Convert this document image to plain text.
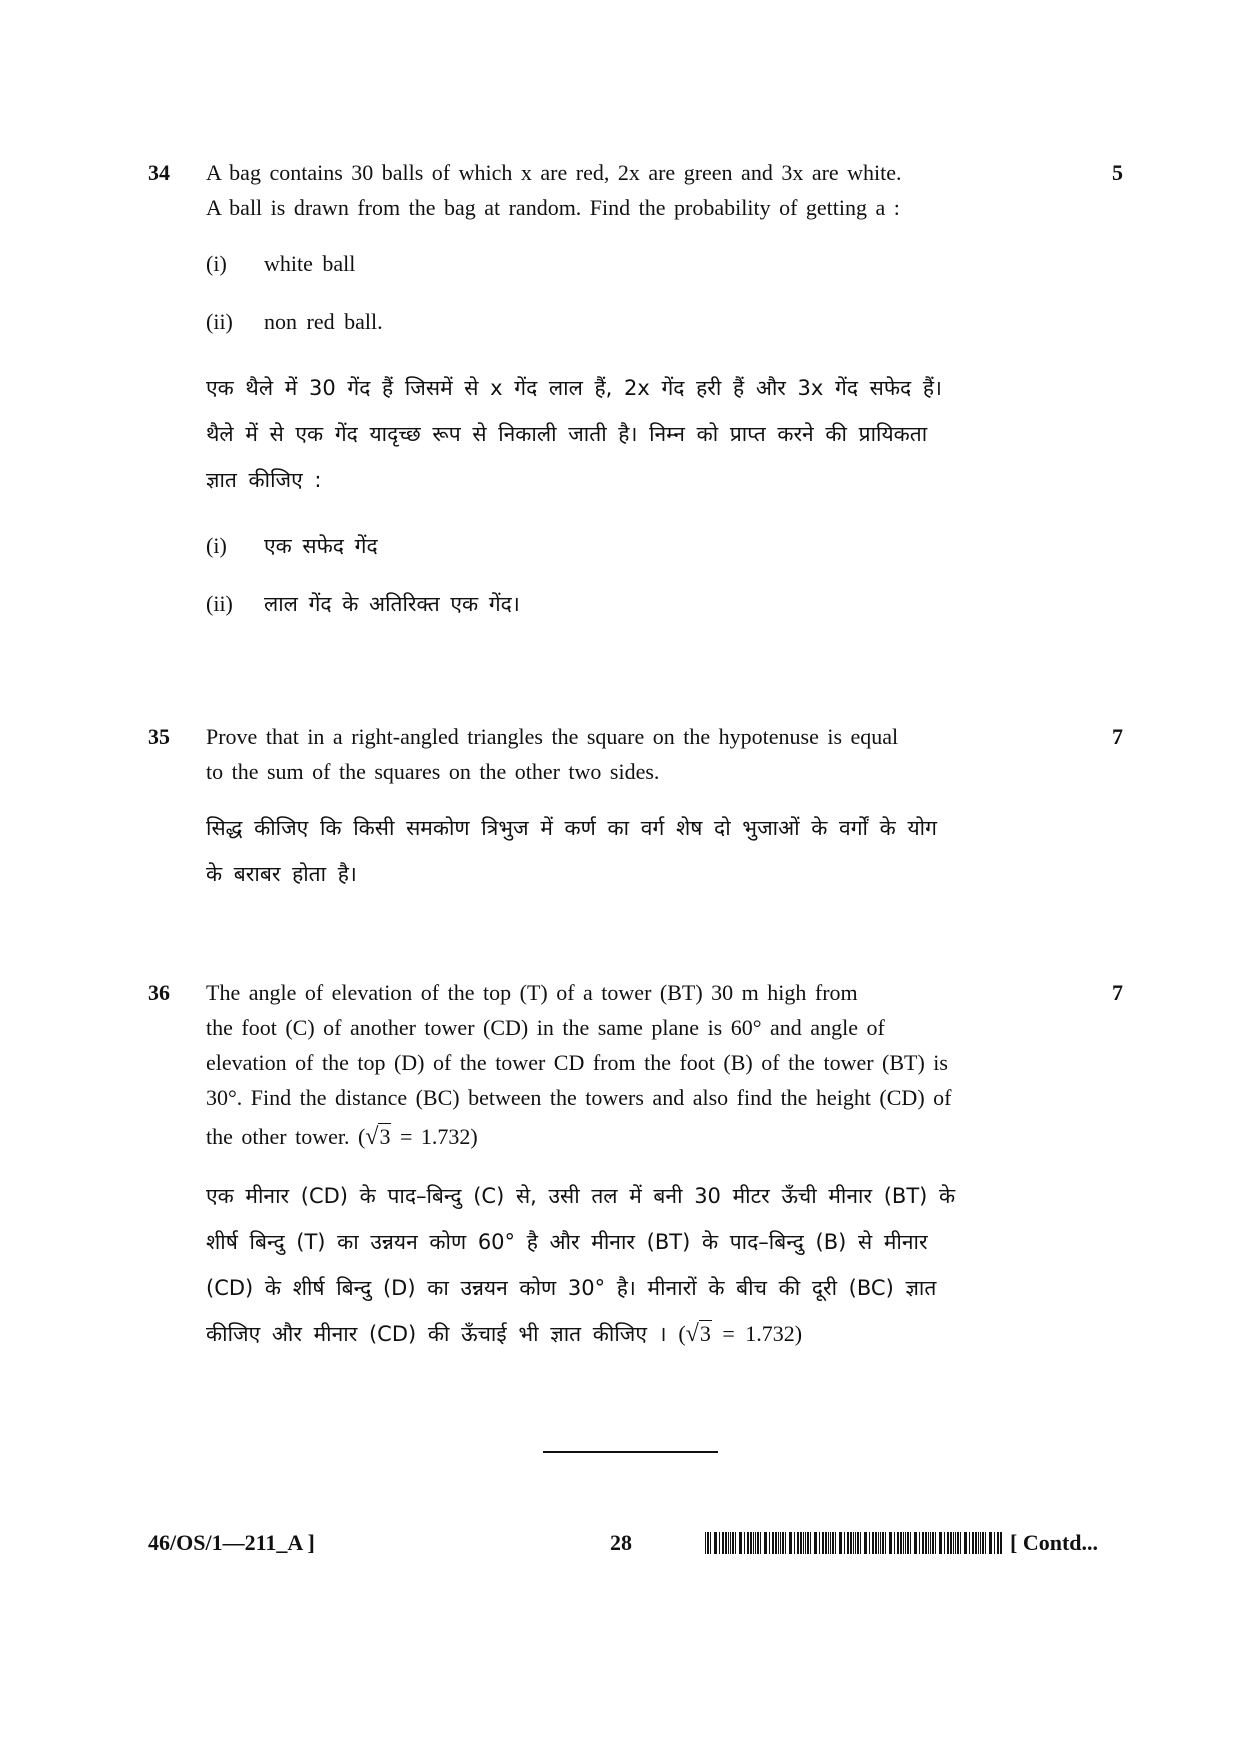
34	5

A bag contains 30 balls of which x are red, 2x are green and 3x are white.

A ball is drawn from the bag at random. Find the probability of getting a :

(i) white ball
(ii) non red ball.

एक थैले में 30 गेंद हैं जिसमें से x गेंद लाल हैं, 2x गेंद हरी हैं और 3x गेंद सफेद हैं।

थैले में से एक गेंद यादृच्छ रूप से निकाली जाती है। निम्न को प्राप्त करने की प्रायिकता

ज्ञात कीजिए :

(i) एक सफेद गेंद
(ii) लाल गेंद के अतिरिक्त एक गेंद।
35	7

Prove that in a right-angled triangles the square on the hypotenuse is equal

to the sum of the squares on the other two sides.

सिद्ध कीजिए कि किसी समकोण त्रिभुज में कर्ण का वर्ग शेष दो भुजाओं के वर्गों के योग

के बराबर होता है।

36	7

The angle of elevation of the top (T) of a tower (BT) 30 m high from

the foot (C) of another tower (CD) in the same plane is 60° and angle of

elevation of the top (D) of the tower CD from the foot (B) of the tower (BT) is

30°. Find the distance (BC) between the towers and also find the height (CD) of

the other tower. (√3 = 1.732)

एक मीनार (CD) के पाद–बिन्दु (C) से, उसी तल में बनी 30 मीटर ऊँची मीनार (BT) के

शीर्ष बिन्दु (T) का उन्नयन कोण 60° है और मीनार (BT) के पाद–बिन्दु (B) से मीनार

(CD) के शीर्ष बिन्दु (D) का उन्नयन कोण 30° है। मीनारों के बीच की दूरी (BC) ज्ञात

कीजिए और मीनार (CD) की ऊँचाई भी ज्ञात कीजिए । (√3 = 1.732)

46/OS/1—211_A ]	28	[ Contd...
